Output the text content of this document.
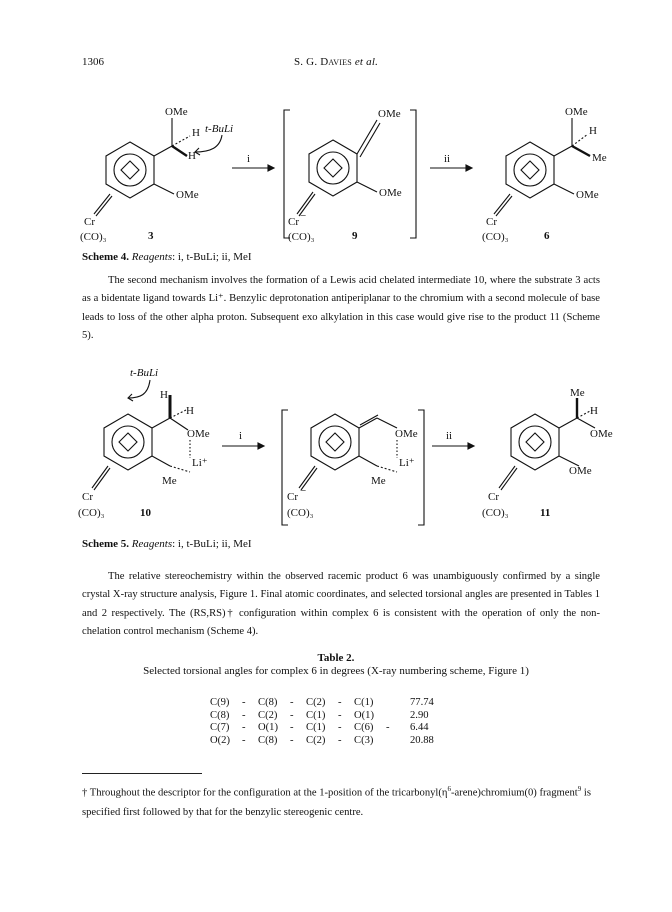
1306	S. G. Davies et al.
OMe
H t-BuLi
H
OMe
Cr
(CO)₃	3
i
OMe
OMe
Cr −
(CO)₃	9
ii
OMe
H
Me
OMe
Cr
(CO)₃	6
Scheme 4. Reagents: i, t-BuLi; ii, MeI
The second mechanism involves the formation of a Lewis acid chelated intermediate 10, where the substrate 3 acts as a bidentate ligand towards Li⁺. Benzylic deprotonation antiperiplanar to the chromium with a second molecule of base leads to loss of the other alpha proton. Subsequent exo alkylation in this case would give rise to the product 11 (Scheme 5).
t-BuLi
H
H
OMe
Li⁺
Me
Cr
(CO)₃	10
i	OMe
Li⁺
Me
Cr −
(CO)₃
ii
Me
H
OMe
OMe
Cr
(CO)₃	11
Scheme 5. Reagents: i, t-BuLi; ii, MeI
The relative stereochemistry within the observed racemic product 6 was unambiguously confirmed by a single crystal X-ray structure analysis, Figure 1. Final atomic coordinates, and selected torsional angles are presented in Tables 1 and 2 respectively. The (RS,RS)† configuration within complex 6 is consistent with the operation of only the non-chelation control mechanism (Scheme 4).
Table 2.
Selected torsional angles for complex 6 in degrees (X-ray numbering scheme, Figure 1)
C(9)	-	C(8)	-	C(2)	-	C(1)		77.74
C(8)	-	C(2)	-	C(1)	-	O(1)		2.90
C(7)	-	O(1)	-	C(1)	-	C(6)	-	6.44
O(2)	-	C(8)	-	C(2)	-	C(3)		20.88
† Throughout the descriptor for the configuration at the 1-position of the $tricarbonyl(\eta^6-arene)chromium(0)$ fragment$^9$ is specified first followed by that for the benzylic stereogenic centre.
